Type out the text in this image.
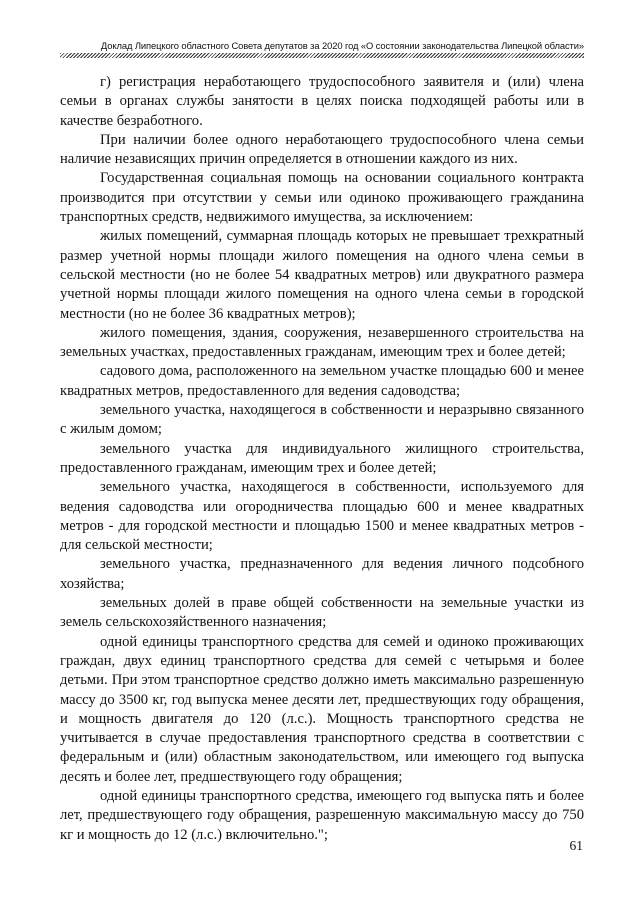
Доклад Липецкого областного Совета депутатов за 2020 год «О состоянии законодательства Липецкой области»

г) регистрация неработающего трудоспособного заявителя и (или) члена семьи в органах службы занятости в целях поиска подходящей работы или в качестве безработного.

При наличии более одного неработающего трудоспособного члена семьи наличие независящих причин определяется в отношении каждого из них.

Государственная социальная помощь на основании социального контракта производится при отсутствии у семьи или одиноко проживающего гражданина транспортных средств, недвижимого имущества, за исключением:

жилых помещений, суммарная площадь которых не превышает трехкратный размер учетной нормы площади жилого помещения на одного члена семьи в сельской местности (но не более 54 квадратных метров) или двукратного размера учетной нормы площади жилого помещения на одного члена семьи в городской местности (но не более 36 квадратных метров);

жилого помещения, здания, сооружения, незавершенного строительства на земельных участках, предоставленных гражданам, имеющим трех и более детей;

садового дома, расположенного на земельном участке площадью 600 и менее квадратных метров, предоставленного для ведения садоводства;

земельного участка, находящегося в собственности и неразрывно связанного с жилым домом;

земельного участка для индивидуального жилищного строительства, предоставленного гражданам, имеющим трех и более детей;

земельного участка, находящегося в собственности, используемого для ведения садоводства или огородничества площадью 600 и менее квадратных метров - для городской местности и площадью 1500 и менее квадратных метров - для сельской местности;

земельного участка, предназначенного для ведения личного подсобного хозяйства;

земельных долей в праве общей собственности на земельные участки из земель сельскохозяйственного назначения;

одной единицы транспортного средства для семей и одиноко проживающих граждан, двух единиц транспортного средства для семей с четырьмя и более детьми. При этом транспортное средство должно иметь максимально разрешенную массу до 3500 кг, год выпуска менее десяти лет, предшествующих году обращения, и мощность двигателя до 120 (л.с.). Мощность транспортного средства не учитывается в случае предоставления транспортного средства в соответствии с федеральным и (или) областным законодательством, или имеющего год выпуска десять и более лет, предшествующего году обращения;

одной единицы транспортного средства, имеющего год выпуска пять и более лет, предшествующего году обращения, разрешенную максимальную массу до 750 кг и мощность до 12 (л.с.) включительно.";

61
